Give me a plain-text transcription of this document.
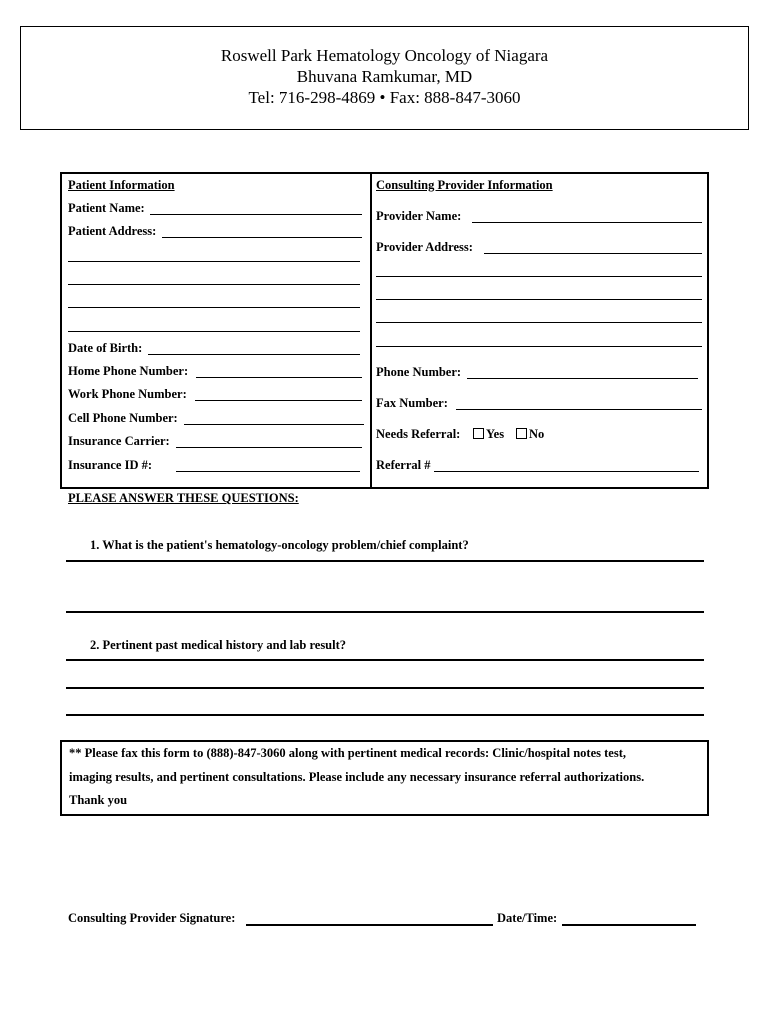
Roswell Park Hematology Oncology of Niagara
Bhuvana Ramkumar, MD
Tel: 716-298-4869 • Fax: 888-847-3060
Patient Information
Patient Name:
Patient Address:
Date of Birth:
Home Phone Number:
Work Phone Number:
Cell Phone Number:
Insurance Carrier:
Insurance ID #:
Consulting Provider Information
Provider Name:
Provider Address:
Phone Number:
Fax Number:
Needs Referral: Yes No
Referral #
PLEASE ANSWER THESE QUESTIONS:
1. What is the patient's hematology-oncology problem/chief complaint?
2. Pertinent past medical history and lab result?
** Please fax this form to (888)-847-3060 along with pertinent medical records: Clinic/hospital notes test,
imaging results, and pertinent consultations. Please include any necessary insurance referral authorizations.
Thank you
Consulting Provider Signature:	Date/Time:
